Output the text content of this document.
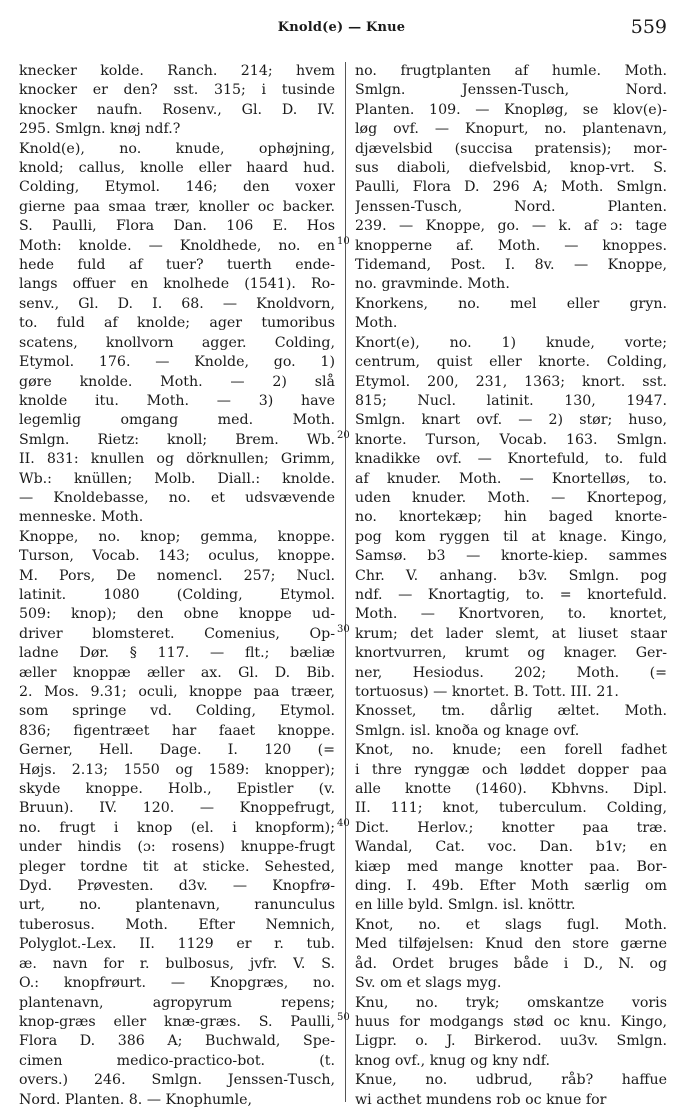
Knold(e) — Knue	559
10
20
30
40
50
knecker kolde. Ranch. 214; hvem
knocker er den? sst. 315; i tusinde
knocker naufn. Rosenv., Gl. D. IV.
295. Smlgn. knøj ndf.?
Knold(e), no. knude, ophøjning,
knold; callus, knolle eller haard hud.
Colding, Etymol. 146; den voxer
gierne paa smaa trær, knoller oc backer.
S. Paulli, Flora Dan. 106 E. Hos
Moth: knolde. — Knoldhede, no. en
hede fuld af tuer? tuerth ende-
langs offuer en knolhede (1541). Ro-
senv., Gl. D. I. 68. — Knoldvorn,
to. fuld af knolde; ager tumoribus
scatens, knollvorn agger. Colding,
Etymol. 176. — Knolde, go. 1)
gøre knolde. Moth. — 2) slå
knolde itu. Moth. — 3) have
legemlig omgang med. Moth.
Smlgn. Rietz: knoll; Brem. Wb.
II. 831: knullen og dörknullen; Grimm,
Wb.: knüllen; Molb. Diall.: knolde.
— Knoldebasse, no. et udsvævende
menneske. Moth.
Knoppe, no. knop; gemma, knoppe.
Turson, Vocab. 143; oculus, knoppe.
M. Pors, De nomencl. 257; Nucl.
latinit. 1080 (Colding, Etymol.
509: knop); den obne knoppe ud-
driver blomsteret. Comenius, Op-
ladne Dør. § 117. — flt.; bæliæ
æller knoppæ æller ax. Gl. D. Bib.
2. Mos. 9.31; oculi, knoppe paa træer,
som springe vd. Colding, Etymol.
836; figentræet har faaet knoppe.
Gerner, Hell. Dage. I. 120 (=
Højs. 2.13; 1550 og 1589: knopper);
skyde knoppe. Holb., Epistler (v.
Bruun). IV. 120. — Knoppefrugt,
no. frugt i knop (el. i knopform);
under hindis (ɔ: rosens) knuppe-frugt
pleger tordne tit at sticke. Sehested,
Dyd. Prøvesten. d3v. — Knopfrø-
urt, no. plantenavn, ranunculus
tuberosus. Moth. Efter Nemnich,
Polyglot.-Lex. II. 1129 er r. tub.
æ. navn for r. bulbosus, jvfr. V. S.
O.: knopfrøurt. — Knopgræs, no.
plantenavn, agropyrum repens;
knop-græs eller knæ-græs. S. Paulli,
Flora D. 386 A; Buchwald, Spe-
cimen medico-practico-bot. (t.
overs.) 246. Smlgn. Jenssen-Tusch,
Nord. Planten. 8. — Knophumle,
no. frugtplanten af humle. Moth.
Smlgn. Jenssen-Tusch, Nord.
Planten. 109. — Knopløg, se klov(e)-
løg ovf. — Knopurt, no. plantenavn,
djævelsbid (succisa pratensis); mor-
sus diaboli, diefvelsbid, knop-vrt. S.
Paulli, Flora D. 296 A; Moth. Smlgn.
Jenssen-Tusch, Nord. Planten.
239. — Knoppe, go. — k. af ɔ: tage
knopperne af. Moth. — knoppes.
Tidemand, Post. I. 8v. — Knoppe,
no. gravminde. Moth.
Knorkens, no. mel eller gryn.
Moth.
Knort(e), no. 1) knude, vorte;
centrum, quist eller knorte. Colding,
Etymol. 200, 231, 1363; knort. sst.
815; Nucl. latinit. 130, 1947.
Smlgn. knart ovf. — 2) stør; huso,
knorte. Turson, Vocab. 163. Smlgn.
knadikke ovf. — Knortefuld, to. fuld
af knuder. Moth. — Knortelløs, to.
uden knuder. Moth. — Knortepog,
no. knortekæp; hin baged knorte-
pog kom ryggen til at knage. Kingo,
Samsø. b3 — knorte-kiep. sammes
Chr. V. anhang. b3v. Smlgn. pog
ndf. — Knortagtig, to. = knortefuld.
Moth. — Knortvoren, to. knortet,
krum; det lader slemt, at liuset staar
knortvurren, krumt og knager. Ger-
ner, Hesiodus. 202; Moth. (=
tortuosus) — knortet. B. Tott. III. 21.
Knosset, tm. dårlig æltet. Moth.
Smlgn. isl. knoða og knage ovf.
Knot, no. knude; een forell fadhet
i thre rynggæ och løddet dopper paa
alle knotte (1460). Kbhvns. Dipl.
II. 111; knot, tuberculum. Colding,
Dict. Herlov.; knotter paa træ.
Wandal, Cat. voc. Dan. b1v; en
kiæp med mange knotter paa. Bor-
ding. I. 49b. Efter Moth særlig om
en lille byld. Smlgn. isl. knöttr.
Knot, no. et slags fugl. Moth.
Med tilføjelsen: Knud den store gærne
åd. Ordet bruges både i D., N. og
Sv. om et slags myg.
Knu, no. tryk; omskantze voris
huus for modgangs stød oc knu. Kingo,
Ligpr. o. J. Birkerod. uu3v. Smlgn.
knog ovf., knug og kny ndf.
Knue, no. udbrud, råb? haffue
wi acthet mundens rob oc knue for
